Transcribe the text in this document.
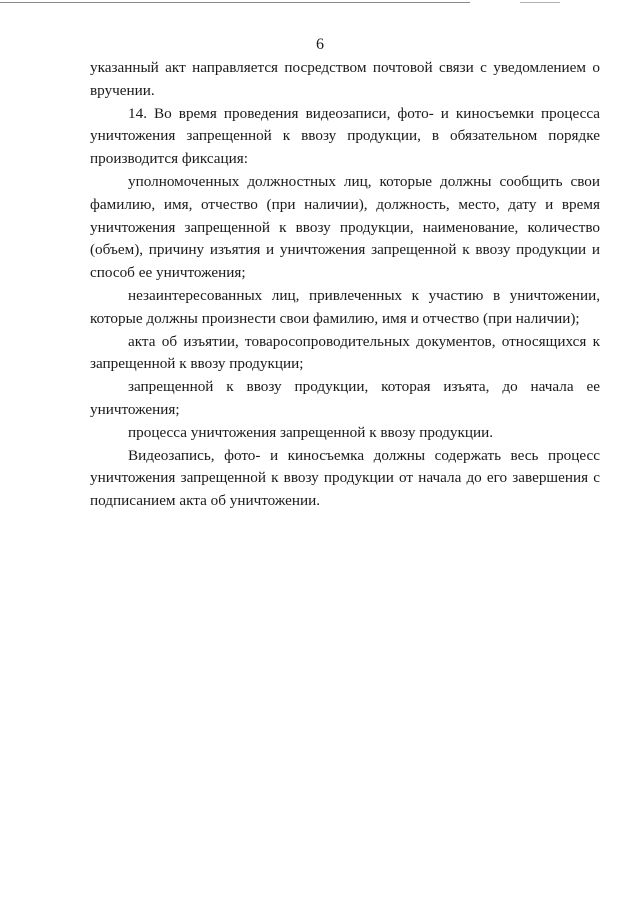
6

указанный акт направляется посредством почтовой связи с уведомлением о вручении.

14. Во время проведения видеозаписи, фото- и киносъемки процесса уничтожения запрещенной к ввозу продукции, в обязательном порядке производится фиксация:

уполномоченных должностных лиц, которые должны сообщить свои фамилию, имя, отчество (при наличии), должность, место, дату и время уничтожения запрещенной к ввозу продукции, наименование, количество (объем), причину изъятия и уничтожения запрещенной к ввозу продукции и способ ее уничтожения;

незаинтересованных лиц, привлеченных к участию в уничтожении, которые должны произнести свои фамилию, имя и отчество (при наличии);

акта об изъятии, товаросопроводительных документов, относящихся к запрещенной к ввозу продукции;

запрещенной к ввозу продукции, которая изъята, до начала ее уничтожения;

процесса уничтожения запрещенной к ввозу продукции.

Видеозапись, фото- и киносъемка должны содержать весь процесс уничтожения запрещенной к ввозу продукции от начала до его завершения с подписанием акта об уничтожении.
